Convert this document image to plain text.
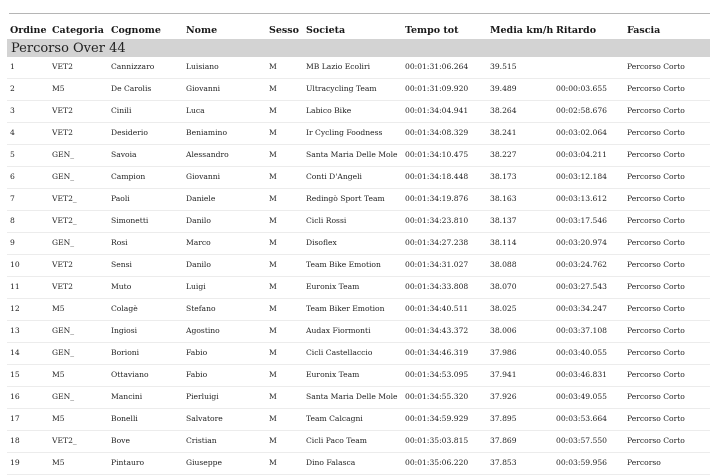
Ordine	Categoria	Cognome	Nome	Sesso	Societa	Tempo tot	Media km/h	Ritardo	Fascia
Percorso Over 44									
1	VET2	Cannizzaro	Luisiano	M	MB Lazio Ecoliri	00:01:31:06.264	39.515		Percorso Corto
2	M5	De Carolis	Giovanni	M	Ultracycling Team	00:01:31:09.920	39.489	00:00:03.655	Percorso Corto
3	VET2	Cinili	Luca	M	Labico Bike	00:01:34:04.941	38.264	00:02:58.676	Percorso Corto
4	VET2	Desiderio	Beniamino	M	Ir Cycling Foodness	00:01:34:08.329	38.241	00:03:02.064	Percorso Corto
5	GEN_	Savoia	Alessandro	M	Santa Maria Delle Mole	00:01:34:10.475	38.227	00:03:04.211	Percorso Corto
6	GEN_	Campion	Giovanni	M	Conti D'Angeli	00:01:34:18.448	38.173	00:03:12.184	Percorso Corto
7	VET2_	Paoli	Daniele	M	Redingò Sport Team	00:01:34:19.876	38.163	00:03:13.612	Percorso Corto
8	VET2_	Simonetti	Danilo	M	Cicli Rossi	00:01:34:23.810	38.137	00:03:17.546	Percorso Corto
9	GEN_	Rosi	Marco	M	Disoflex	00:01:34:27.238	38.114	00:03:20.974	Percorso Corto
10	VET2	Sensi	Danilo	M	Team Bike Emotion	00:01:34:31.027	38.088	00:03:24.762	Percorso Corto
11	VET2	Muto	Luigi	M	Euronix Team	00:01:34:33.808	38.070	00:03:27.543	Percorso Corto
12	M5	Colagè	Stefano	M	Team Biker Emotion	00:01:34:40.511	38.025	00:03:34.247	Percorso Corto
13	GEN_	Ingiosi	Agostino	M	Audax Fiormonti	00:01:34:43.372	38.006	00:03:37.108	Percorso Corto
14	GEN_	Borioni	Fabio	M	Cicli Castellaccio	00:01:34:46.319	37.986	00:03:40.055	Percorso Corto
15	M5	Ottaviano	Fabio	M	Euronix Team	00:01:34:53.095	37.941	00:03:46.831	Percorso Corto
16	GEN_	Mancini	Pierluigi	M	Santa Maria Delle Mole	00:01:34:55.320	37.926	00:03:49.055	Percorso Corto
17	M5	Bonelli	Salvatore	M	Team Calcagni	00:01:34:59.929	37.895	00:03:53.664	Percorso Corto
18	VET2_	Bove	Cristian	M	Cicli Paco Team	00:01:35:03.815	37.869	00:03:57.550	Percorso Corto
19	M5	Pintauro	Giuseppe	M	Dino Falasca	00:01:35:06.220	37.853	00:03:59.956	Percorso
